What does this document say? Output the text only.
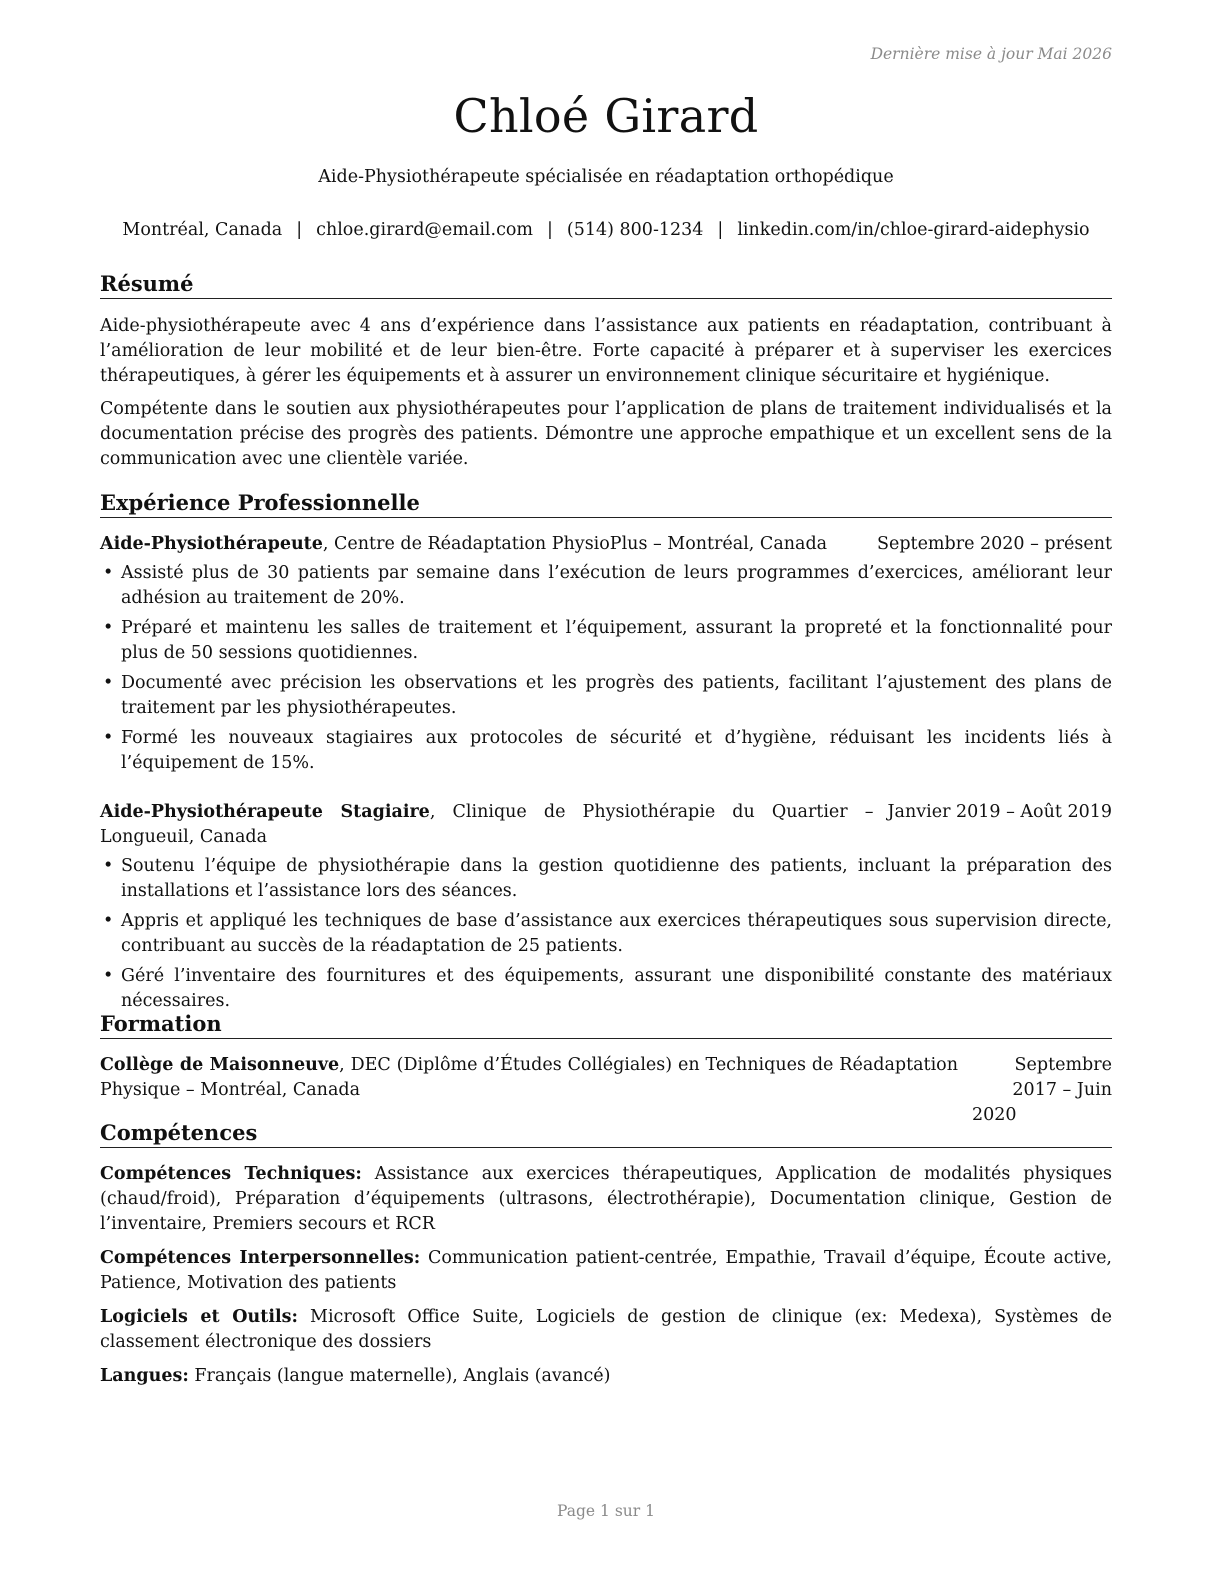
Dernière mise à jour Mai 2026
Chloé Girard
Aide-Physiothérapeute spécialisée en réadaptation orthopédique
Montréal, Canada | chloe.girard@email.com | (514) 800-1234 | linkedin.com/in/chloe-girard-aidephysio
Résumé

Aide-physiothérapeute avec 4 ans d’expérience dans l’assistance aux patients en réadaptation, contribuant à l’amélioration de leur mobilité et de leur bien-être. Forte capacité à préparer et à superviser les exercices thérapeutiques, à gérer les équipements et à assurer un environnement clinique sécuritaire et hygiénique.

Compétente dans le soutien aux physiothérapeutes pour l’application de plans de traitement individualisés et la documentation précise des progrès des patients. Démontre une approche empathique et un excellent sens de la communication avec une clientèle variée.

Expérience Professionnelle
Aide-Physiothérapeute, Centre de Réadaptation PhysioPlus – Montréal, Canada	Septembre 2020 – présent
• Assisté plus de 30 patients par semaine dans l’exécution de leurs programmes d’exercices, améliorant leur adhésion au traitement de 20%.
• Préparé et maintenu les salles de traitement et l’équipement, assurant la propreté et la fonctionnalité pour plus de 50 sessions quotidiennes.
• Documenté avec précision les observations et les progrès des patients, facilitant l’ajustement des plans de traitement par les physiothérapeutes.
• Formé les nouveaux stagiaires aux protocoles de sécurité et d’hygiène, réduisant les incidents liés à l’équipement de 15%.
Aide-Physiothérapeute Stagiaire, Clinique de Physiothérapie du Quartier – Longueuil, Canada
Janvier 2019 – Août 2019
• Soutenu l’équipe de physiothérapie dans la gestion quotidienne des patients, incluant la préparation des installations et l’assistance lors des séances.
• Appris et appliqué les techniques de base d’assistance aux exercices thérapeutiques sous supervision directe, contribuant au succès de la réadaptation de 25 patients.
• Géré l’inventaire des fournitures et des équipements, assurant une disponibilité constante des matériaux nécessaires.
Formation
Collège de Maisonneuve, DEC (Diplôme d’Études Collégiales) en Techniques de Réadaptation Physique – Montréal, Canada
Septembre 2017 – Juin 2020
Compétences

Compétences Techniques: Assistance aux exercices thérapeutiques, Application de modalités physiques (chaud/froid), Préparation d’équipements (ultrasons, électrothérapie), Documentation clinique, Gestion de l’inventaire, Premiers secours et RCR

Compétences Interpersonnelles: Communication patient-centrée, Empathie, Travail d’équipe, Écoute active, Patience, Motivation des patients

Logiciels et Outils: Microsoft Office Suite, Logiciels de gestion de clinique (ex: Medexa), Systèmes de classement électronique des dossiers

Langues: Français (langue maternelle), Anglais (avancé)

Page 1 sur 1
